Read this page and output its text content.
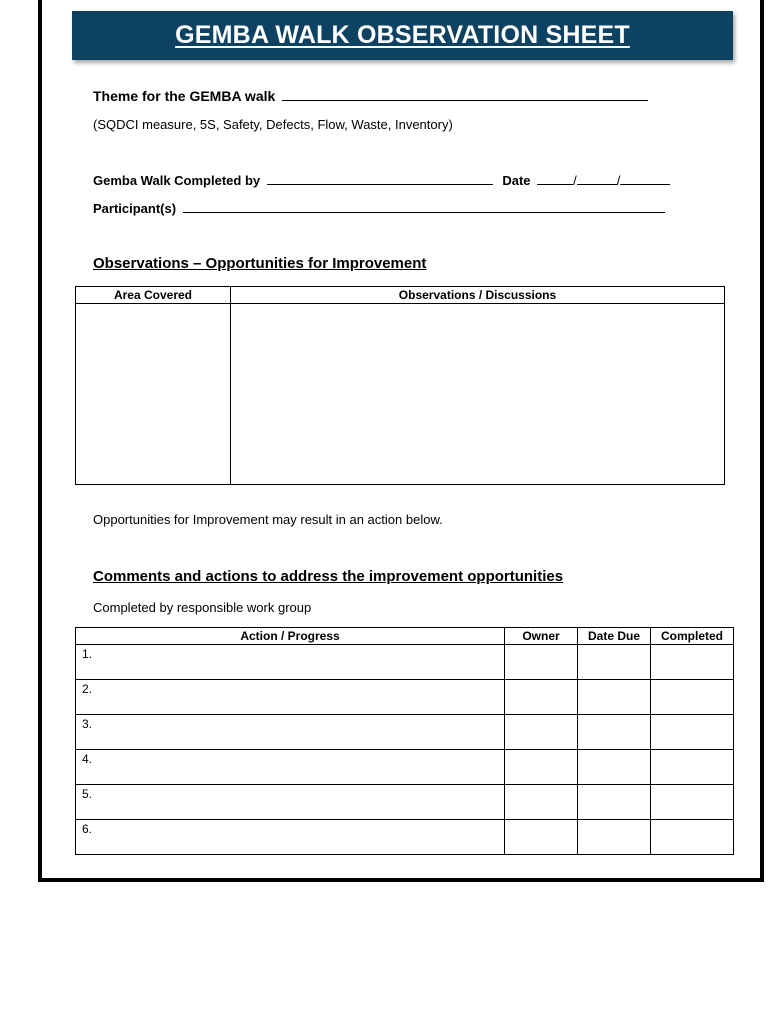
GEMBA WALK OBSERVATION SHEET
Theme for the GEMBA walk
(SQDCI measure, 5S, Safety, Defects, Flow, Waste, Inventory)
Gemba Walk Completed by	Date	/	/
Participant(s)
Observations – Opportunities for Improvement
Area Covered	Observations / Discussions

Opportunities for Improvement may result in an action below.
Comments and actions to address the improvement opportunities
Completed by responsible work group
Action / Progress	Owner	Date Due	Completed
1.			
2.			
3.			
4.			
5.			
6.			
